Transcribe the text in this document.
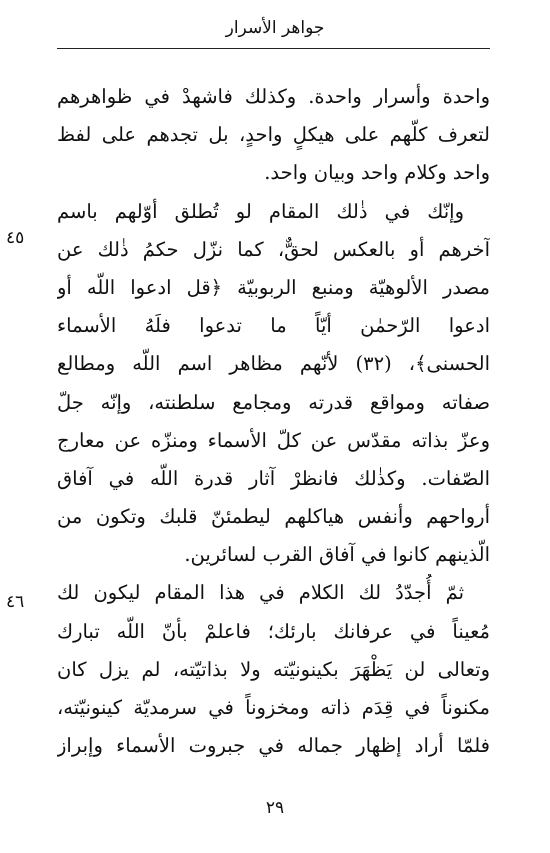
جواهر الأسرار
٤٥
٤٦
واحدة وأسرار واحدة. وكذلك فاشهدْ في ظواهرهم
لتعرف كلّهم على هيكلٍ واحدٍ، بل تجدهم على لفظ
واحد وكلام واحد وبيان واحد.
وإنّك في ذٰلك المقام لو تُطلق أوّلهم باسم
آخرهم أو بالعكس لحقٌّ، كما نزّل حكمُ ذٰلك عن
مصدر الألوهيّة ومنبع الربوبيّة ﴿قل ادعوا اللّه أو
ادعوا الرّحمٰن أيّاً ما تدعوا فلَهُ الأسماء
الحسنى﴾، (٣٢) لأنّهم مظاهر اسم اللّه ومطالع
صفاته ومواقع قدرته ومجامع سلطنته، وإنّه جلّ
وعزّ بذاته مقدّس عن كلّ الأسماء ومنزّه عن معارج
الصّفات. وكذٰلك فانظرْ آثار قدرة اللّه في آفاق
أرواحهم وأنفس هياكلهم ليطمئنّ قلبك وتكون من
الّذينهم كانوا في آفاق القرب لسائرين.
ثمّ أُجدّدُ لك الكلام في هذا المقام ليكون لك
مُعيناً في عرفانك بارئك؛ فاعلمْ بأنّ اللّه تبارك
وتعالى لن يَظْهَرَ بكينونيّته ولا بذاتيّته، لم يزل كان
مكنوناً في قِدَم ذاته ومخزوناً في سرمديّة كينونيّته،
فلمّا أراد إظهار جماله في جبروت الأسماء وإبراز
٢٩
